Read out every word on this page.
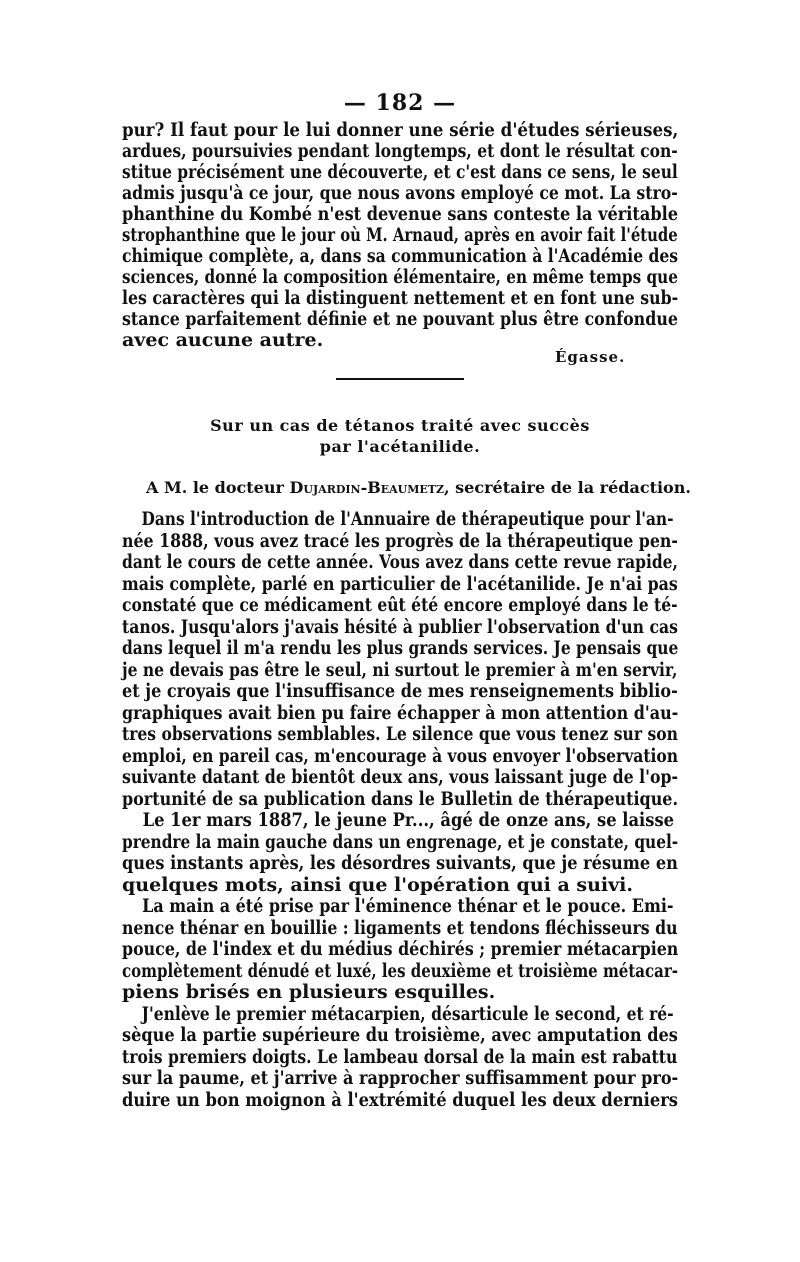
— 182 —
pur? Il faut pour le lui donner une série d'études sérieuses,
ardues, poursuivies pendant longtemps, et dont le résultat con-
stitue précisément une découverte, et c'est dans ce sens, le seul
admis jusqu'à ce jour, que nous avons employé ce mot. La stro-
phanthine du Kombé n'est devenue sans conteste la véritable
strophanthine que le jour où M. Arnaud, après en avoir fait l'étude
chimique complète, a, dans sa communication à l'Académie des
sciences, donné la composition élémentaire, en même temps que
les caractères qui la distinguent nettement et en font une sub-
stance parfaitement définie et ne pouvant plus être confondue
avec aucune autre.
Égasse.
Sur un cas de tétanos traité avec succès
par l'acétanilide.
A M. le docteur Dujardin-Beaumetz, secrétaire de la rédaction.
Dans l'introduction de l'Annuaire de thérapeutique pour l'an-
née 1888, vous avez tracé les progrès de la thérapeutique pen-
dant le cours de cette année. Vous avez dans cette revue rapide,
mais complète, parlé en particulier de l'acétanilide. Je n'ai pas
constaté que ce médicament eût été encore employé dans le té-
tanos. Jusqu'alors j'avais hésité à publier l'observation d'un cas
dans lequel il m'a rendu les plus grands services. Je pensais que
je ne devais pas être le seul, ni surtout le premier à m'en servir,
et je croyais que l'insuffisance de mes renseignements biblio-
graphiques avait bien pu faire échapper à mon attention d'au-
tres observations semblables. Le silence que vous tenez sur son
emploi, en pareil cas, m'encourage à vous envoyer l'observation
suivante datant de bientôt deux ans, vous laissant juge de l'op-
portunité de sa publication dans le Bulletin de thérapeutique.
Le 1er mars 1887, le jeune Pr..., âgé de onze ans, se laisse
prendre la main gauche dans un engrenage, et je constate, quel-
ques instants après, les désordres suivants, que je résume en
quelques mots, ainsi que l'opération qui a suivi.
La main a été prise par l'éminence thénar et le pouce. Emi-
nence thénar en bouillie : ligaments et tendons fléchisseurs du
pouce, de l'index et du médius déchirés ; premier métacarpien
complètement dénudé et luxé, les deuxième et troisième métacar-
piens brisés en plusieurs esquilles.
J'enlève le premier métacarpien, désarticule le second, et ré-
sèque la partie supérieure du troisième, avec amputation des
trois premiers doigts. Le lambeau dorsal de la main est rabattu
sur la paume, et j'arrive à rapprocher suffisamment pour pro-
duire un bon moignon à l'extrémité duquel les deux derniers
